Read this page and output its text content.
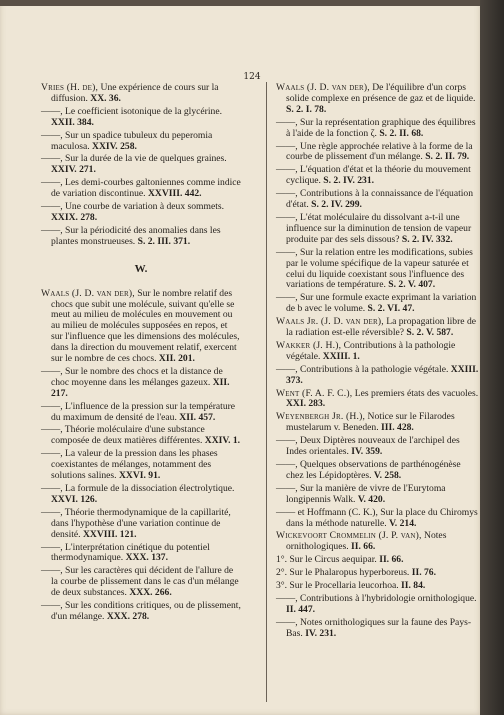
124
Vries (H. de), Une expérience de cours sur la diffusion. XX. 36.
——, Le coefficient isotonique de la glycérine. XXII. 384.
——, Sur un spadice tubuleux du peperomia maculosa. XXIV. 258.
——, Sur la durée de la vie de quelques graines. XXIV. 271.
——, Les demi-courbes galtoniennes comme indice de variation discontinue. XXVIII. 442.
——, Une courbe de variation à deux sommets. XXIX. 278.
——, Sur la périodicité des anomalies dans les plantes monstrueuses. S. 2. III. 371.
W.
Waals (J. D. van der), Sur le nombre relatif des chocs que subit une molécule, suivant qu'elle se meut au milieu de molécules en mouvement ou au milieu de molécules supposées en repos, et sur l'influence que les dimensions des molécules, dans la direction du mouvement relatif, exercent sur le nombre de ces chocs. XII. 201.
——, Sur le nombre des chocs et la distance de choc moyenne dans les mélanges gazeux. XII. 217.
——, L'influence de la pression sur la température du maximum de densité de l'eau. XII. 457.
——, Théorie moléculaire d'une substance composée de deux matières différentes. XXIV. 1.
——, La valeur de la pression dans les phases coexistantes de mélanges, notamment des solutions salines. XXVI. 91.
——, La formule de la dissociation électrolytique. XXVI. 126.
——, Théorie thermodynamique de la capillarité, dans l'hypothèse d'une variation continue de densité. XXVIII. 121.
——, L'interprétation cinétique du potentiel thermodynamique. XXX. 137.
——, Sur les caractères qui décident de l'allure de la courbe de plissement dans le cas d'un mélange de deux substances. XXX. 266.
——, Sur les conditions critiques, ou de plissement, d'un mélange. XXX. 278.
Waals (J. D. van der), De l'équilibre d'un corps solide complexe en présence de gaz et de liquide. S. 2. I. 78.
——, Sur la représentation graphique des équilibres à l'aide de la fonction ζ. S. 2. II. 68.
——, Une règle approchée relative à la forme de la courbe de plissement d'un mélange. S. 2. II. 79.
——, L'équation d'état et la théorie du mouvement cyclique. S. 2. IV. 231.
——, Contributions à la connaissance de l'équation d'état. S. 2. IV. 299.
——, L'état moléculaire du dissolvant a-t-il une influence sur la diminution de tension de vapeur produite par des sels dissous? S. 2. IV. 332.
——, Sur la relation entre les modifications, subies par le volume spécifique de la vapeur saturée et celui du liquide coexistant sous l'influence des variations de température. S. 2. V. 407.
——, Sur une formule exacte exprimant la variation de b avec le volume. S. 2. VI. 47.
Waals Jr. (J. D. van der), La propagation libre de la radiation est-elle réversible? S. 2. V. 587.
Wakker (J. H.), Contributions à la pathologie végétale. XXIII. 1.
——, Contributions à la pathologie végétale. XXIII. 373.
Went (F. A. F. C.), Les premiers états des vacuoles. XXI. 283.
Weyenbergh Jr. (H.), Notice sur le Filarodes mustelarum v. Beneden. III. 428.
——, Deux Diptères nouveaux de l'archipel des Indes orientales. IV. 359.
——, Quelques observations de parthénogénèse chez les Lépidoptères. V. 258.
——, Sur la manière de vivre de l'Eurytoma longipennis Walk. V. 420.
—— et Hoffmann (C. K.), Sur la place du Chiromys dans la méthode naturelle. V. 214.
Wickevoort Crommelin (J. P. van), Notes ornithologiques. II. 66.
1°. Sur le Circus aequipar. II. 66.
2°. Sur le Phalaropus hyperboreus. II. 76.
3°. Sur le Procellaria leucorhoa. II. 84.
——, Contributions à l'hybridologie ornithologique. II. 447.
——, Notes ornithologiques sur la faune des Pays-Bas. IV. 231.
